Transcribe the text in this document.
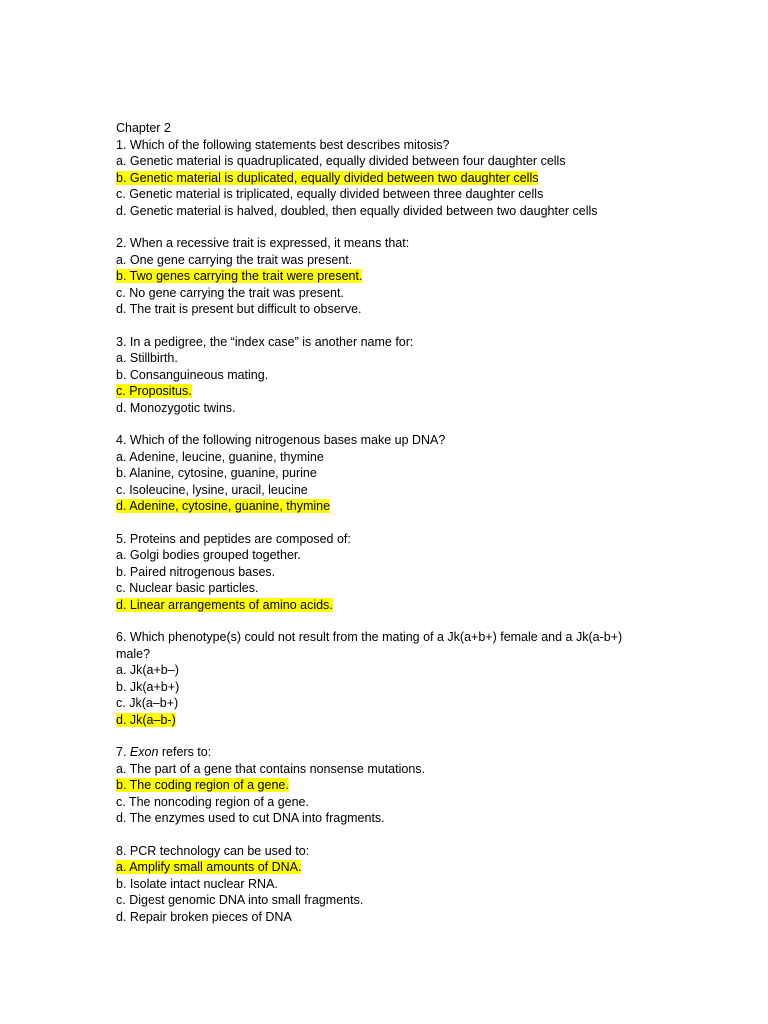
Chapter 2
1. Which of the following statements best describes mitosis?
a. Genetic material is quadruplicated, equally divided between four daughter cells
b. Genetic material is duplicated, equally divided between two daughter cells
c. Genetic material is triplicated, equally divided between three daughter cells
d. Genetic material is halved, doubled, then equally divided between two daughter cells
2. When a recessive trait is expressed, it means that:
a. One gene carrying the trait was present.
b. Two genes carrying the trait were present.
c. No gene carrying the trait was present.
d. The trait is present but difficult to observe.
3. In a pedigree, the “index case” is another name for:
a. Stillbirth.
b. Consanguineous mating.
c. Propositus.
d. Monozygotic twins.
4. Which of the following nitrogenous bases make up DNA?
a. Adenine, leucine, guanine, thymine
b. Alanine, cytosine, guanine, purine
c. Isoleucine, lysine, uracil, leucine
d. Adenine, cytosine, guanine, thymine
5. Proteins and peptides are composed of:
a. Golgi bodies grouped together.
b. Paired nitrogenous bases.
c. Nuclear basic particles.
d. Linear arrangements of amino acids.
6. Which phenotype(s) could not result from the mating of a Jk(a+b+) female and a Jk(a-b+) male?
a. Jk(a+b–)
b. Jk(a+b+)
c. Jk(a–b+)
d. Jk(a–b-)
7. Exon refers to:
a. The part of a gene that contains nonsense mutations.
b. The coding region of a gene.
c. The noncoding region of a gene.
d. The enzymes used to cut DNA into fragments.
8. PCR technology can be used to:
a. Amplify small amounts of DNA.
b. Isolate intact nuclear RNA.
c. Digest genomic DNA into small fragments.
d. Repair broken pieces of DNA
